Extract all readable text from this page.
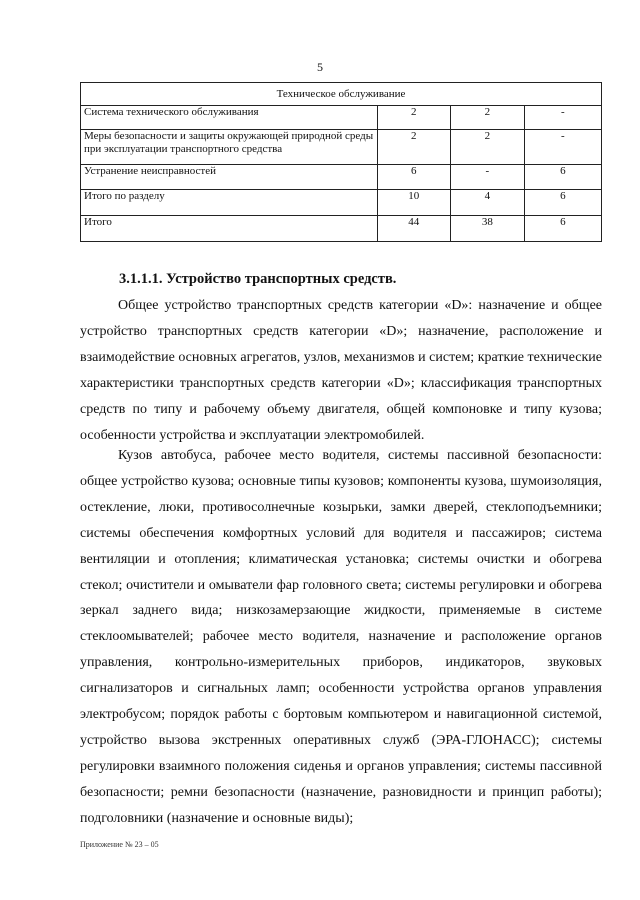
5
Техническое обслуживание			
Система технического обслуживания	2	2	-
Меры безопасности и защиты окружающей природной среды при эксплуатации транспортного средства	2	2	-
Устранение неисправностей	6	-	6
Итого по разделу	10	4	6
Итого	44	38	6
3.1.1.1. Устройство транспортных средств.

Общее устройство транспортных средств категории «D»: назначение и общее устройство транспортных средств категории «D»; назначение, расположение и взаимодействие основных агрегатов, узлов, механизмов и систем; краткие технические характеристики транспортных средств категории «D»; классификация транспортных средств по типу и рабочему объему двигателя, общей компоновке и типу кузова; особенности устройства и эксплуатации электромобилей.

Кузов автобуса, рабочее место водителя, системы пассивной безопасности: общее устройство кузова; основные типы кузовов; компоненты кузова, шумоизоляция, остекление, люки, противосолнечные козырьки, замки дверей, стеклоподъемники; системы обеспечения комфортных условий для водителя и пассажиров; система вентиляции и отопления; климатическая установка; системы очистки и обогрева стекол; очистители и омыватели фар головного света; системы регулировки и обогрева зеркал заднего вида; низкозамерзающие жидкости, применяемые в системе стеклоомывателей; рабочее место водителя, назначение и расположение органов управления, контрольно-измерительных приборов, индикаторов, звуковых сигнализаторов и сигнальных ламп; особенности устройства органов управления электробусом; порядок работы с бортовым компьютером и навигационной системой, устройство вызова экстренных оперативных служб (ЭРА-ГЛОНАСС); системы регулировки взаимного положения сиденья и органов управления; системы пассивной безопасности; ремни безопасности (назначение, разновидности и принцип работы); подголовники (назначение и основные виды);

Приложение № 23 – 05
